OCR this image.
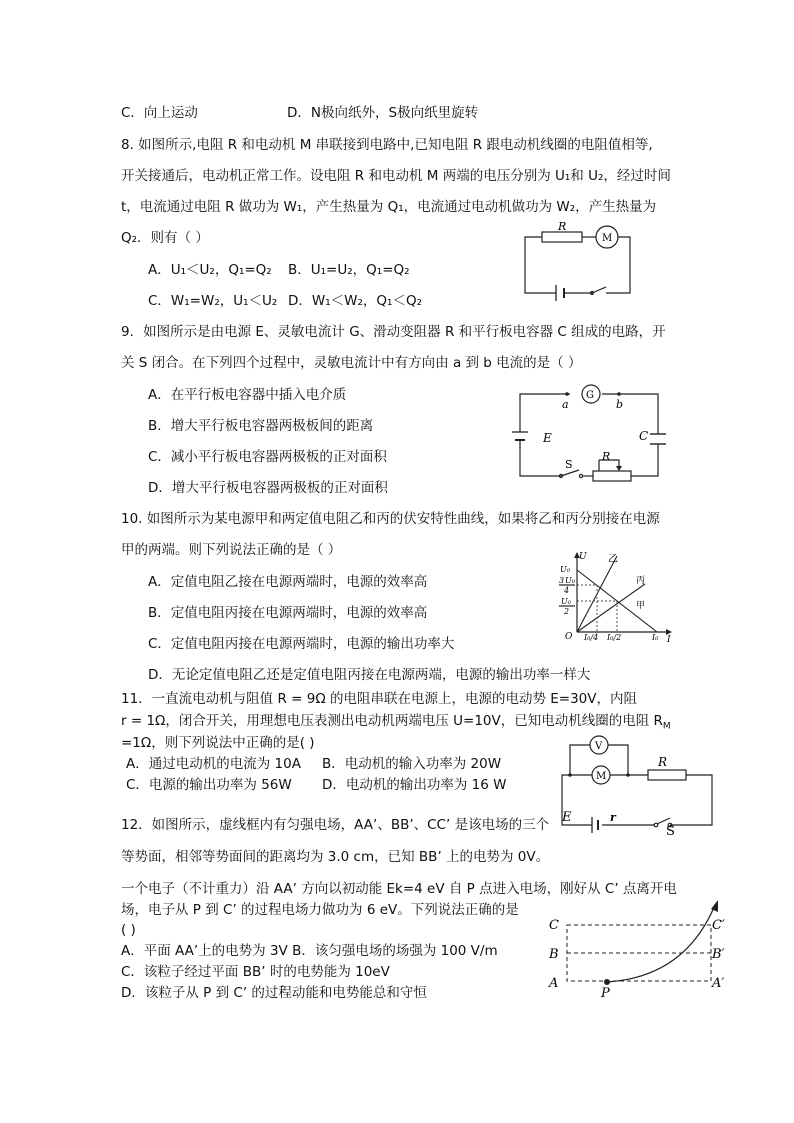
C．向上运动	D．N极向纸外，S极向纸里旋转
8. 如图所示,电阻 R 和电动机 M 串联接到电路中,已知电阻 R 跟电动机线圈的电阻值相等,
开关接通后，电动机正常工作。设电阻 R 和电动机 M 两端的电压分别为 U₁和 U₂，经过时间
t，电流通过电阻 R 做功为 W₁，产生热量为 Q₁，电流通过电动机做功为 W₂，产生热量为
Q₂．则有（ ）
A．U₁＜U₂，Q₁=Q₂ B．U₁=U₂，Q₁=Q₂
C．W₁=W₂，U₁＜U₂ D．W₁＜W₂，Q₁＜Q₂
R
M
9．如图所示是由电源 E、灵敏电流计 G、滑动变阻器 R 和平行板电容器 C 组成的电路，开
关 S 闭合。在下列四个过程中，灵敏电流计中有方向由 a 到 b 电流的是（ ）
A．在平行板电容器中插入电介质
B．增大平行板电容器两极板间的距离
C．减小平行板电容器两极板的正对面积
D．增大平行板电容器两极板的正对面积
E	C
G
a	b
S
R
10. 如图所示为某电源甲和两定值电阻乙和丙的伏安特性曲线，如果将乙和丙分别接在电源
甲的两端。则下列说法正确的是（ ）
A．定值电阻乙接在电源两端时，电源的效率高
B．定值电阻丙接在电源两端时，电源的效率高
C．定值电阻丙接在电源两端时，电源的输出功率大
D．无论定值电阻乙还是定值电阻丙接在电源两端，电源的输出功率一样大
U
I
O
U₀
3 U₀
4
U₀
2
I₀/4 I₀/2	I₀
乙
丙
甲
11．一直流电动机与阻值 R = 9Ω 的电阻串联在电源上，电源的电动势 E=30V，内阻
r = 1Ω，闭合开关，用理想电压表测出电动机两端电压 U=10V，已知电动机线圈的电阻 $R_M$
=1Ω，则下列说法中正确的是( )
A．通过电动机的电流为 10A B．电动机的输入功率为 20W
C．电源的输出功率为 56W D．电动机的输出功率为 16 W
V
M
R
E	r
S
12．如图所示，虚线框内有匀强电场，AA’、BB’、CC’ 是该电场的三个
等势面，相邻等势面间的距离均为 3.0 cm，已知 BB’ 上的电势为 0V。
一个电子（不计重力）沿 AA’ 方向以初动能 Ek=4 eV 自 P 点进入电场，刚好从 C’ 点离开电
场，电子从 P 到 C’ 的过程电场力做功为 6 eV。下列说法正确的是
( )
A．平面 AA’上的电势为 3V B．该匀强电场的场强为 100 V/m
C．该粒子经过平面 BB’ 时的电势能为 10eV
D．该粒子从 P 到 C’ 的过程动能和电势能总和守恒
C
B
A
C′
B′
A′
P
